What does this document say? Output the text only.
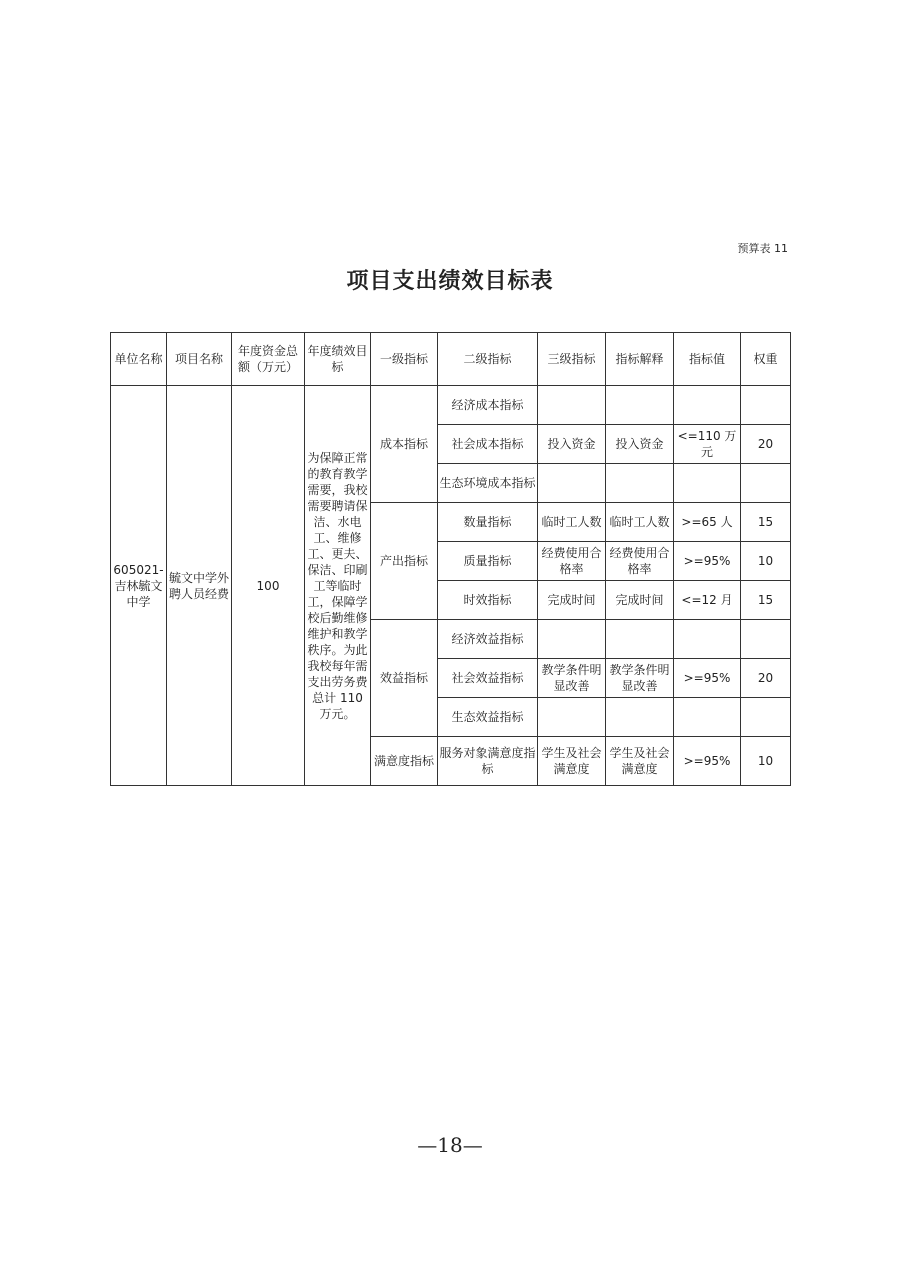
预算表 11
项目支出绩效目标表
单位名称	项目名称	年度资金总额（万元）	年度绩效目标	一级指标	二级指标	三级指标	指标解释	指标值	权重
605021-吉林毓文中学	毓文中学外聘人员经费	100	为保障正常的教育教学需要，我校需要聘请保洁、水电工、维修工、更夫、保洁、印刷工等临时工，保障学校后勤维修维护和教学秩序。为此我校每年需支出劳务费总计 110 万元。	成本指标	经济成本指标				
					社会成本指标	投入资金	投入资金	<=110 万元	20
					生态环境成本指标				
				产出指标	数量指标	临时工人数	临时工人数	>=65 人	15
					质量指标	经费使用合格率	经费使用合格率	>=95%	10
					时效指标	完成时间	完成时间	<=12 月	15
				效益指标	经济效益指标				
					社会效益指标	教学条件明显改善	教学条件明显改善	>=95%	20
					生态效益指标				
				满意度指标	服务对象满意度指标	学生及社会满意度	学生及社会满意度	>=95%	10
—18—
